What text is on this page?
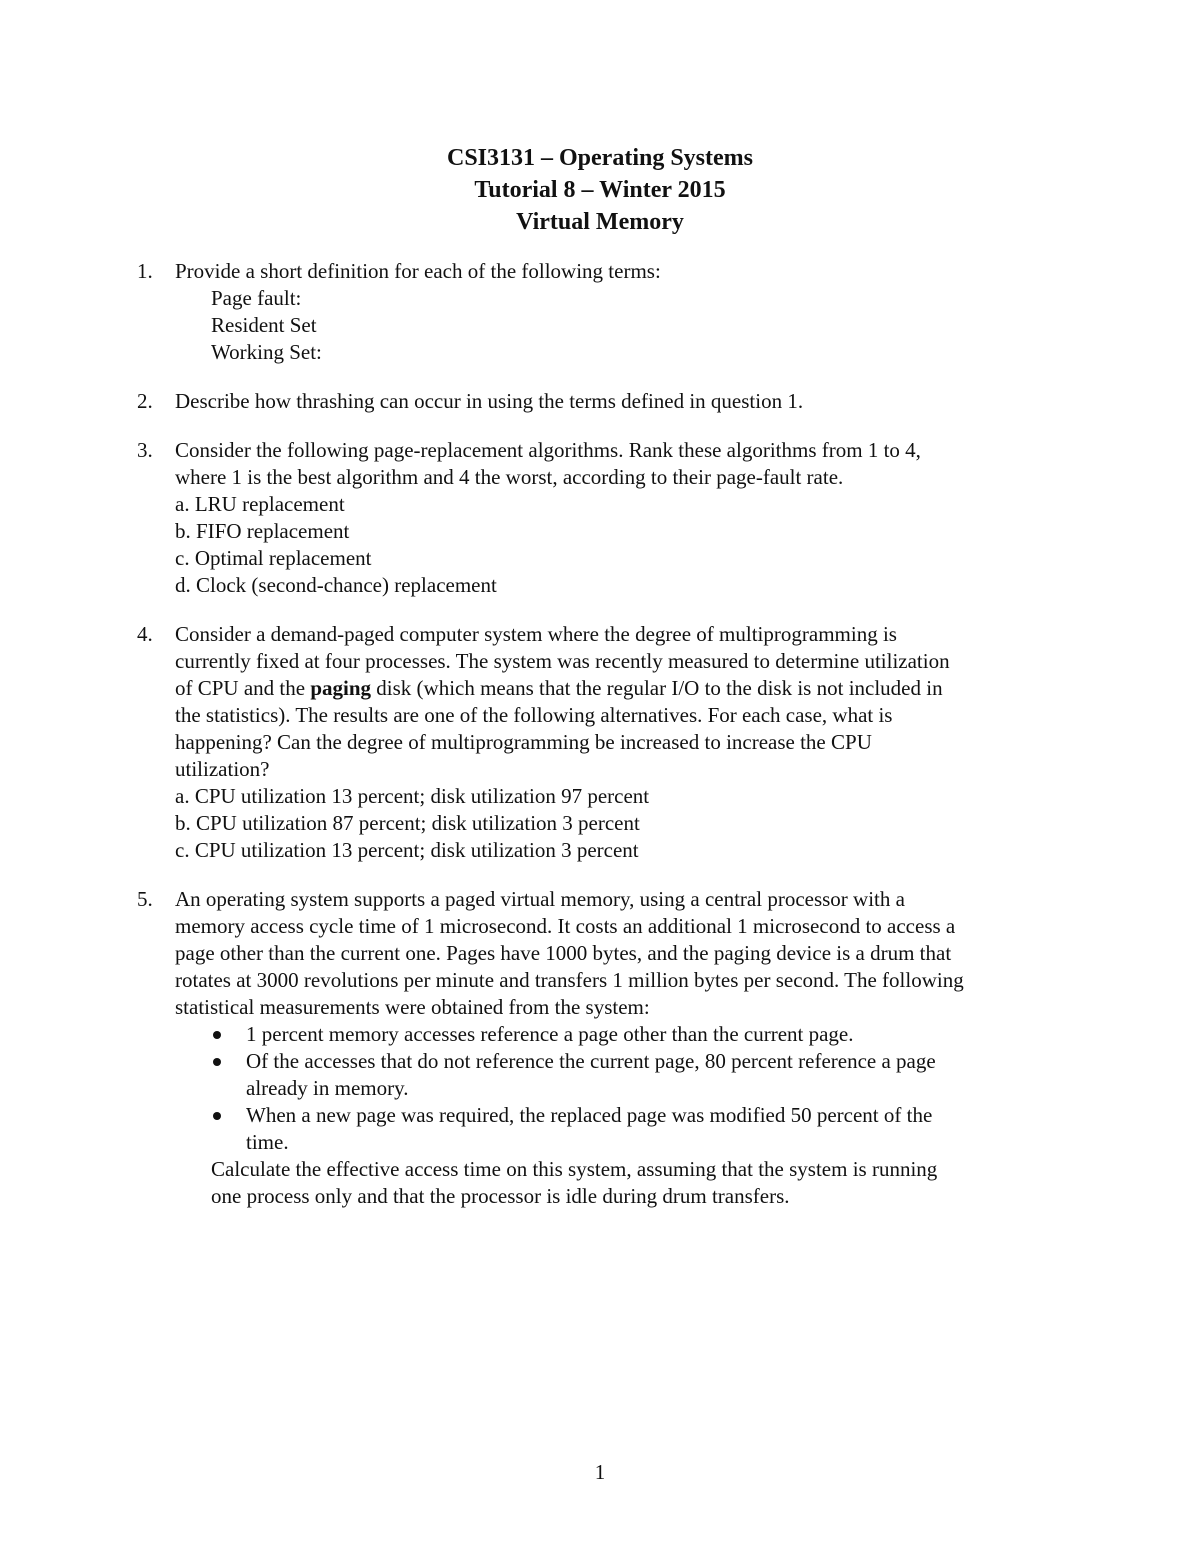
CSI3131 – Operating Systems
Tutorial 8 – Winter 2015
Virtual Memory
1. Provide a short definition for each of the following terms:
Page fault:
Resident Set
Working Set:
2. Describe how thrashing can occur in using the terms defined in question 1.
3. Consider the following page-replacement algorithms. Rank these algorithms from 1 to 4,
where 1 is the best algorithm and 4 the worst, according to their page-fault rate.
a. LRU replacement
b. FIFO replacement
c. Optimal replacement
d. Clock (second-chance) replacement
4. Consider a demand-paged computer system where the degree of multiprogramming is
currently fixed at four processes. The system was recently measured to determine utilization
of CPU and the paging disk (which means that the regular I/O to the disk is not included in
the statistics). The results are one of the following alternatives. For each case, what is
happening? Can the degree of multiprogramming be increased to increase the CPU
utilization?
a. CPU utilization 13 percent; disk utilization 97 percent
b. CPU utilization 87 percent; disk utilization 3 percent
c. CPU utilization 13 percent; disk utilization 3 percent
5. An operating system supports a paged virtual memory, using a central processor with a
memory access cycle time of 1 microsecond. It costs an additional 1 microsecond to access a
page other than the current one. Pages have 1000 bytes, and the paging device is a drum that
rotates at 3000 revolutions per minute and transfers 1 million bytes per second. The following
statistical measurements were obtained from the system:
1 percent memory accesses reference a page other than the current page.
Of the accesses that do not reference the current page, 80 percent reference a page
already in memory.
When a new page was required, the replaced page was modified 50 percent of the
time.
Calculate the effective access time on this system, assuming that the system is running
one process only and that the processor is idle during drum transfers.
1
